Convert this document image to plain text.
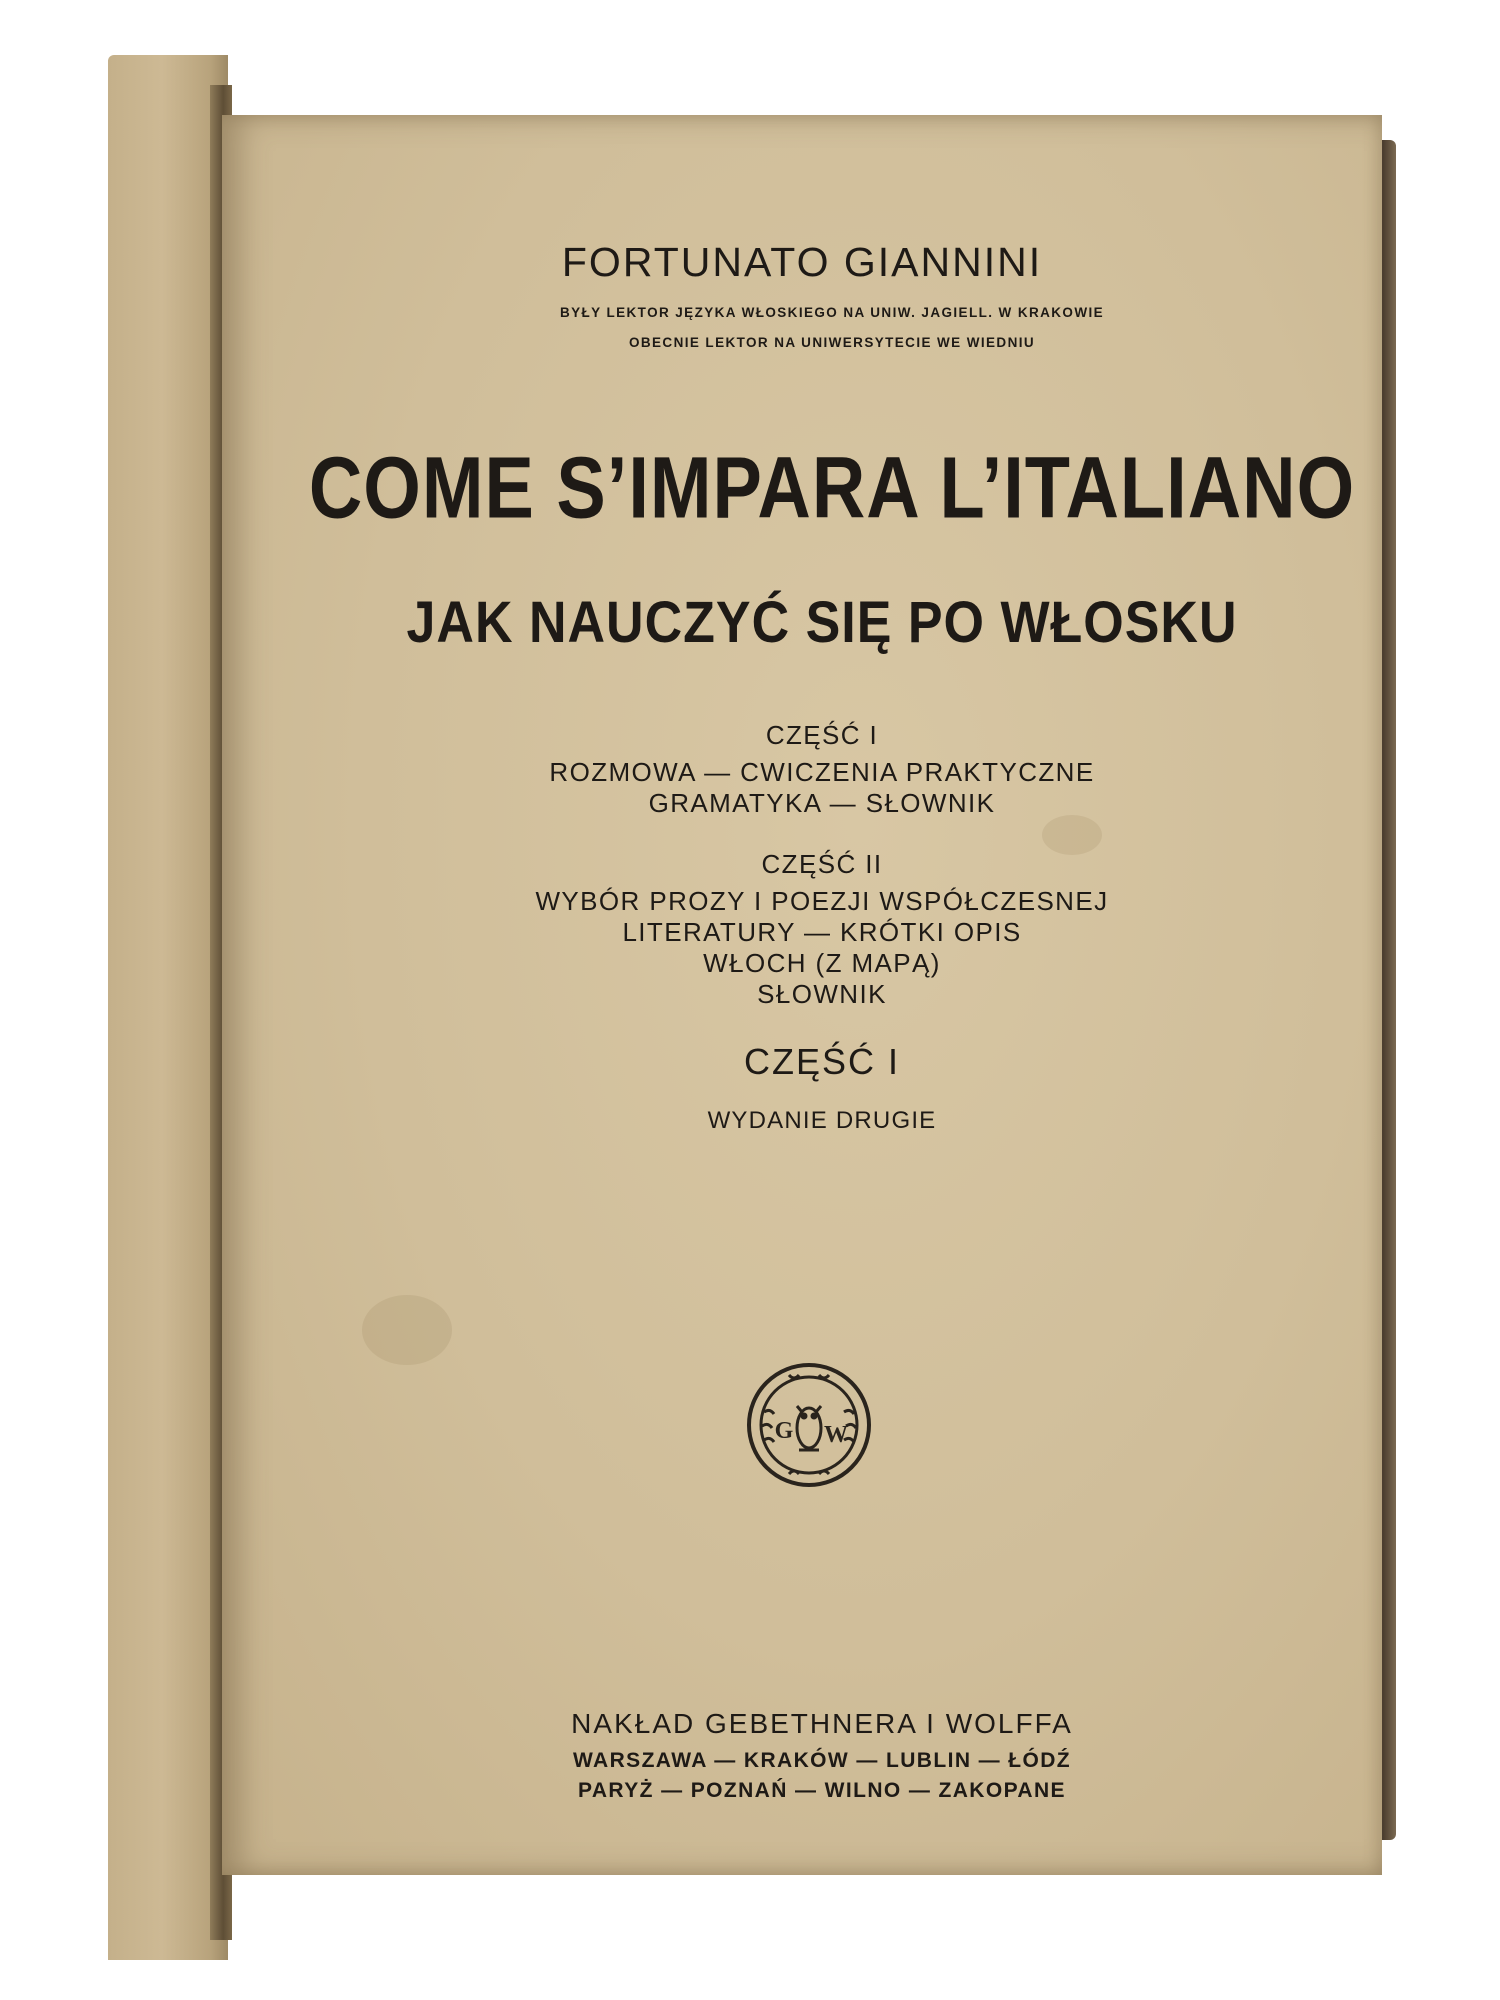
FORTUNATO GIANNINI
BYŁY LEKTOR JĘZYKA WŁOSKIEGO NA UNIW. JAGIELL. W KRAKOWIE
OBECNIE LEKTOR NA UNIWERSYTECIE WE WIEDNIU
COME S’IMPARA L’ITALIANO
JAK NAUCZYĆ SIĘ PO WŁOSKU
CZĘŚĆ I
ROZMOWA — CWICZENIA PRAKTYCZNE
GRAMATYKA — SŁOWNIK
CZĘŚĆ II
WYBÓR PROZY I POEZJI WSPÓŁCZESNEJ
LITERATURY — KRÓTKI OPIS
WŁOCH (Z MAPĄ)
SŁOWNIK
CZĘŚĆ I
WYDANIE DRUGIE
G W
NAKŁAD GEBETHNERA I WOLFFA
WARSZAWA — KRAKÓW — LUBLIN — ŁÓDŹ
PARYŻ — POZNAŃ — WILNO — ZAKOPANE
